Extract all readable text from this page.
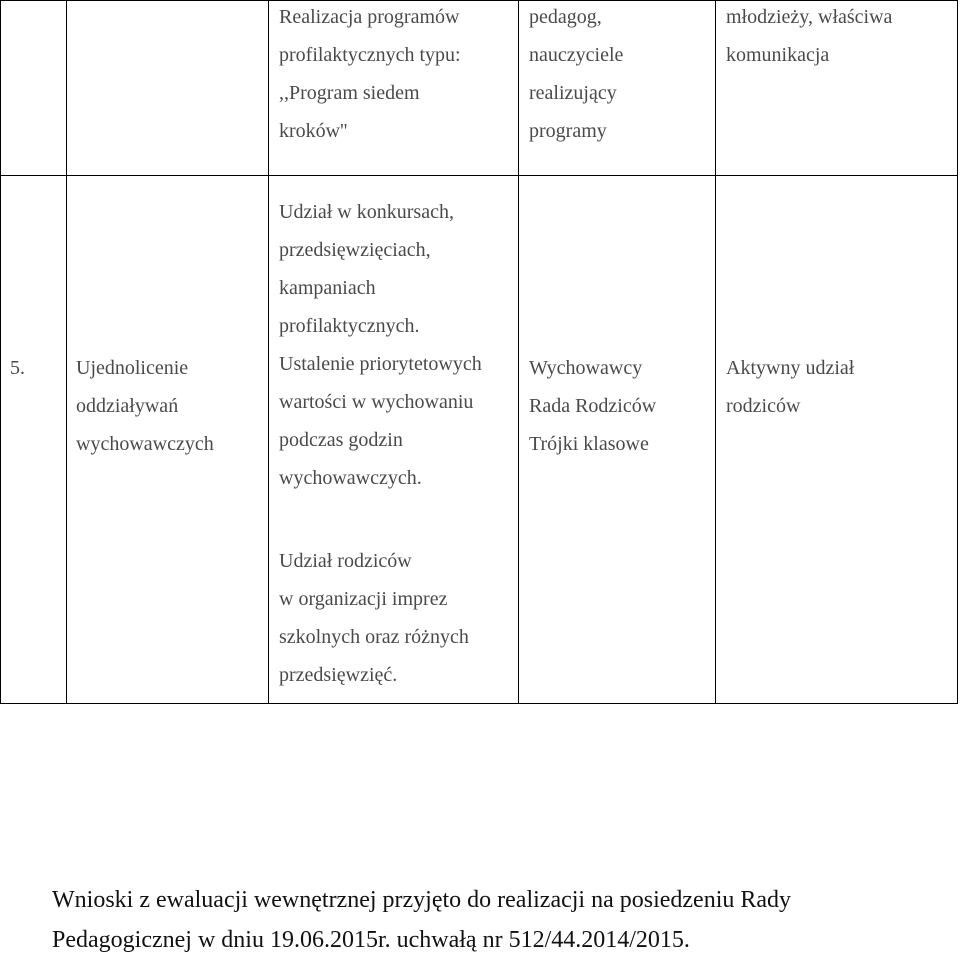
Realizacja programów
profilaktycznych typu:
,,Program siedem
kroków''
pedagog,
nauczyciele
realizujący
programy
młodzieży, właściwa
komunikacja
5.	Ujednolicenie
oddziaływań
wychowawczych
Udział w konkursach,
przedsięwzięciach,
kampaniach
profilaktycznych.
Ustalenie priorytetowych
wartości w wychowaniu
podczas godzin
wychowawczych.
Udział rodziców
w organizacji imprez
szkolnych oraz różnych
przedsięwzięć.
Wychowawcy
Rada Rodziców
Trójki klasowe
Aktywny udział
rodziców
Wnioski z ewaluacji wewnętrznej przyjęto do realizacji na posiedzeniu Rady
Pedagogicznej w dniu 19.06.2015r. uchwałą nr 512/44.2014/2015.
